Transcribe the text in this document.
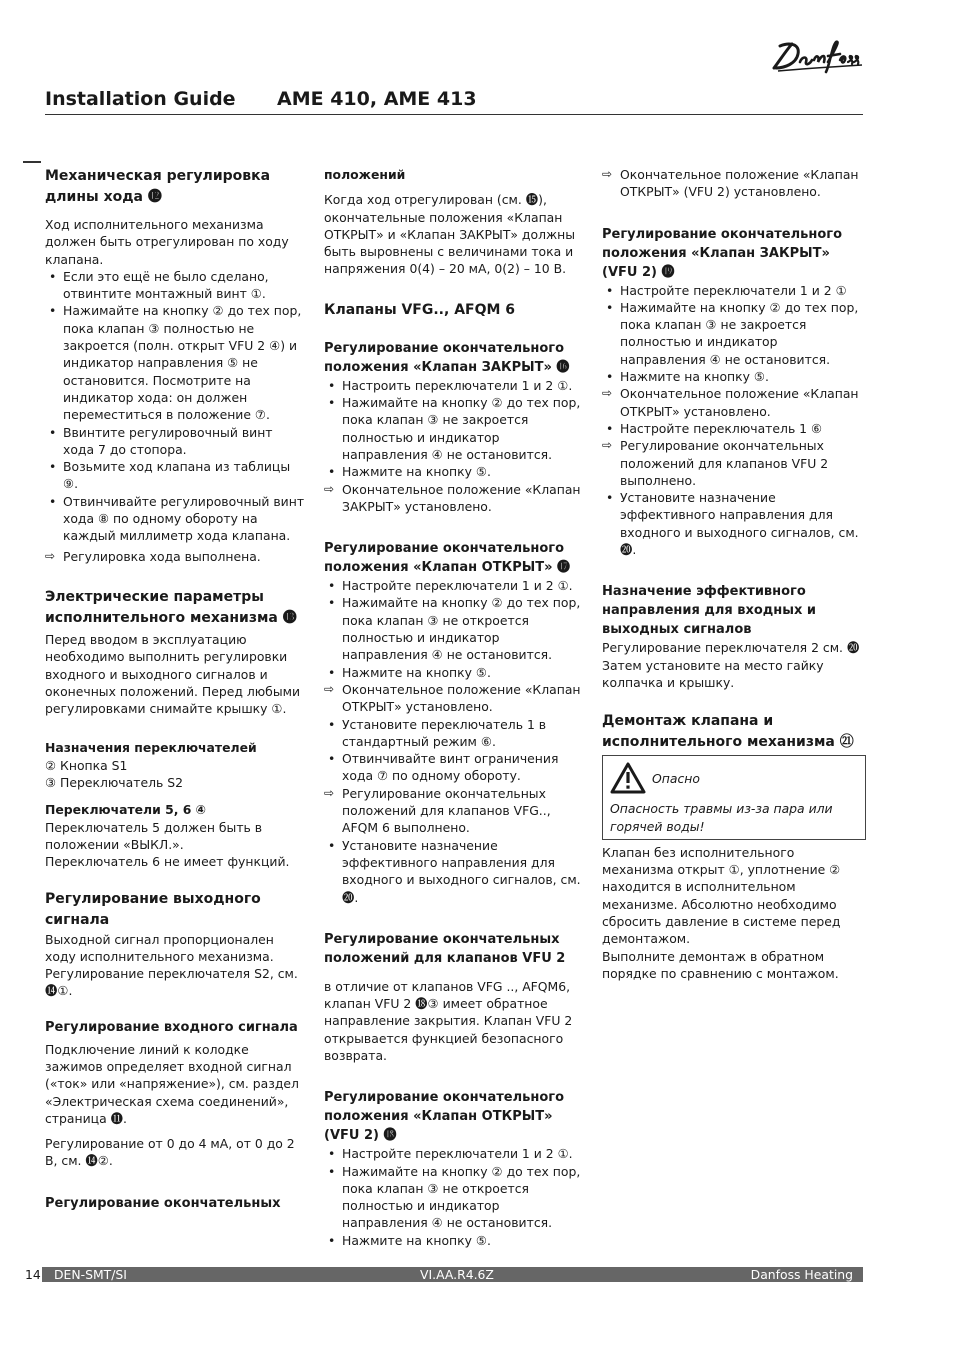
Installation Guide AME 410, AME 413
Механическая регулировка длины хода ⓬

Ход исполнительного механизма должен быть отрегулирован по ходу клапана.

• Если это ещё не было сделано, отвинтите монтажный винт ①.
• Нажимайте на кнопку ② до тех пор, пока клапан ③ полностью не закроется (полн. открыт VFU 2 ④) и индикатор направления ⑤ не остановится. Посмотрите на индикатор хода: он должен переместиться в положение ⑦.
• Ввинтите регулировочный винт хода 7 до стопора.
• Возьмите ход клапана из таблицы ⑨.
• Отвинчивайте регулировочный винт хода ⑧ по одному обороту на каждый миллиметр хода клапана.
⇨ Регулировка хода выполнена.
Электрические параметры исполнительного механизма ⓭

Перед вводом в эксплуатацию необходимо выполнить регулировки входного и выходного сигналов и оконечных положений. Перед любыми регулировками снимайте крышку ①.

Назначения переключателей

② Кнопка S1

③ Переключатель S2

Переключатели 5, 6 ④

Переключатель 5 должен быть в положении «ВЫКЛ.».

Переключатель 6 не имеет функций.

Регулирование выходного сигнала

Выходной сигнал пропорционален ходу исполнительного механизма. Регулирование переключателя S2, см. ⓮①.

Регулирование входного сигнала

Подключение линий к колодке зажимов определяет входной сигнал («ток» или «напряжение»), см. раздел «Электрическая схема соединений», страница ⓫.

Регулирование от 0 до 4 мА, от 0 до 2 В, см. ⓮②.

Регулирование окончательных
положений

Когда ход отрегулирован (см. ⓯), окончательные положения «Клапан ОТКРЫТ» и «Клапан ЗАКРЫТ» должны быть выровнены с величинами тока и напряжения 0(4) – 20 мА, 0(2) – 10 В.

Клапаны VFG.., AFQM 6
Регулирование окончательного положения «Клапан ЗАКРЫТ» ⓰
• Настроить переключатели 1 и 2 ①.
• Нажимайте на кнопку ② до тех пор, пока клапан ③ не закроется полностью и индикатор направления ④ не остановится.
• Нажмите на кнопку ⑤.
⇨ Окончательное положение «Клапан ЗАКРЫТ» установлено.
Регулирование окончательного положения «Клапан ОТКРЫТ» ⓱
• Настройте переключатели 1 и 2 ①.
• Нажимайте на кнопку ② до тех пор, пока клапан ③ не откроется полностью и индикатор направления ④ не остановится.
• Нажмите на кнопку ⑤.
⇨ Окончательное положение «Клапан ОТКРЫТ» установлено.
• Установите переключатель 1 в стандартный режим ⑥.
• Отвинчивайте винт ограничения хода ⑦ по одному обороту.
⇨ Регулирование окончательных положений для клапанов VFG.., AFQM 6 выполнено.
• Установите назначение эффективного направления для входного и выходного сигналов, см. ⓴.
Регулирование окончательных положений для клапанов VFU 2

в отличие от клапанов VFG .., AFQM6, клапан VFU 2 ⓲③ имеет обратное направление закрытия. Клапан VFU 2 открывается функцией безопасного возврата.

Регулирование окончательного положения «Клапан ОТКРЫТ» (VFU 2) ⓲
• Настройте переключатели 1 и 2 ①.
• Нажимайте на кнопку ② до тех пор, пока клапан ③ не откроется полностью и индикатор направления ④ не остановится.
• Нажмите на кнопку ⑤.
⇨ Окончательное положение «Клапан ОТКРЫТ» (VFU 2) установлено.
Регулирование окончательного положения «Клапан ЗАКРЫТ» (VFU 2) ⓳
• Настройте переключатели 1 и 2 ①
• Нажимайте на кнопку ② до тех пор, пока клапан ③ не закроется полностью и индикатор направления ④ не остановится.
• Нажмите на кнопку ⑤.
⇨ Окончательное положение «Клапан ОТКРЫТ» установлено.
• Настройте переключатель 1 ⑥
⇨ Регулирование окончательных положений для клапанов VFU 2 выполнено.
• Установите назначение эффективного направления для входного и выходного сигналов, см. ⓴.
Назначение эффективного направления для входных и выходных сигналов

Регулирование переключателя 2 см. ⓴ Затем установите на место гайку колпачка и крышку.

Демонтаж клапана и исполнительного механизма ㉑
Опасно

Опасность травмы из-за пара или горячей воды!

Клапан без исполнительного механизма открыт ①, уплотнение ② находится в исполнительном механизме. Абсолютно необходимо сбросить давление в системе перед демонтажом.

Выполните демонтаж в обратном порядке по сравнению с монтажом.

14 DEN-SMT/SI	VI.AA.R4.6Z	Danfoss Heating
